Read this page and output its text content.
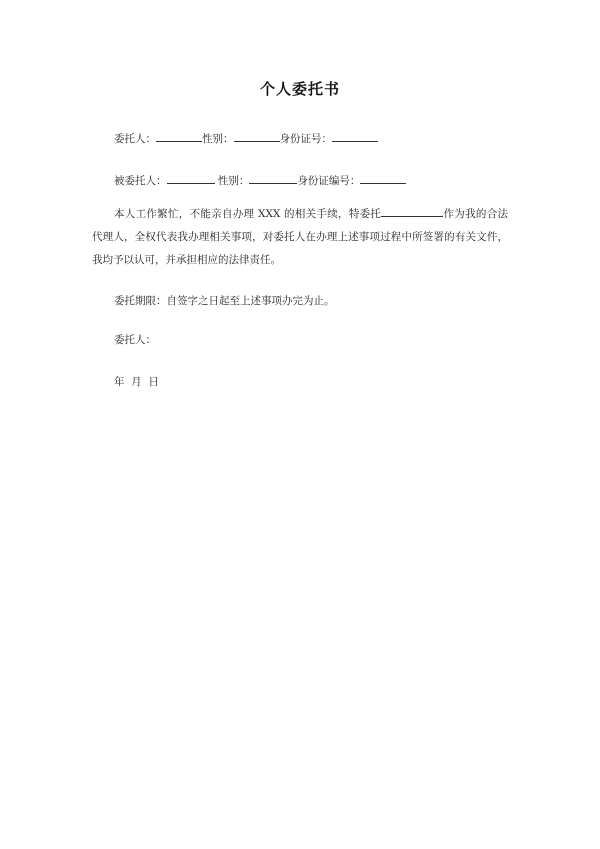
个人委托书
委托人：	性别：	身份证号：
被委托人：	性别：	身份证编号：
本人工作繁忙，不能亲自办理 XXX 的相关手续，特委托	作为我的合法代理人，全权代表我办理相关事项，对委托人在办理上述事项过程中所签署的有关文件，我均予以认可，并承担相应的法律责任。
委托期限：自签字之日起至上述事项办完为止。
委托人：
年  月  日
